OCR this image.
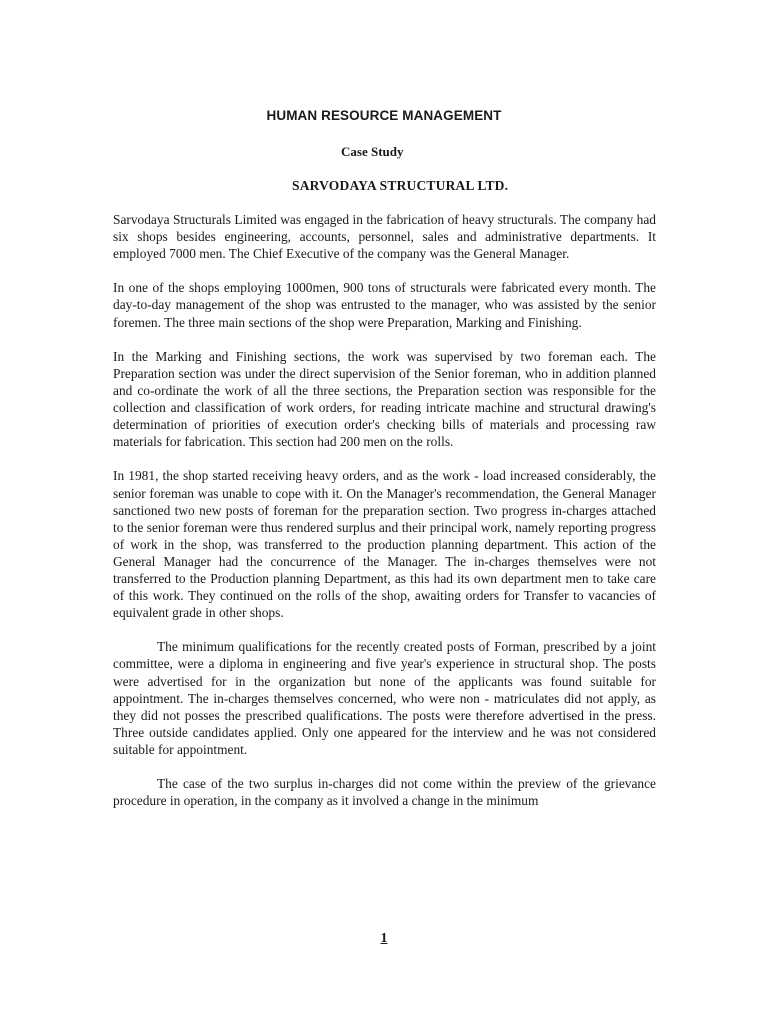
HUMAN RESOURCE MANAGEMENT
Case Study
SARVODAYA STRUCTURAL LTD.

Sarvodaya Structurals Limited was engaged in the fabrication of heavy structurals. The company had six shops besides engineering, accounts, personnel, sales and administrative departments. It employed 7000 men. The Chief Executive of the company was the General Manager.

In one of the shops employing 1000men, 900 tons of structurals were fabricated every month. The day-to-day management of the shop was entrusted to the manager, who was assisted by the senior foremen. The three main sections of the shop were Preparation, Marking and Finishing.

In the Marking and Finishing sections, the work was supervised by two foreman each. The Preparation section was under the direct supervision of the Senior foreman, who in addition planned and co-ordinate the work of all the three sections, the Preparation section was responsible for the collection and classification of work orders, for reading intricate machine and structural drawing's determination of priorities of execution order's checking bills of materials and processing raw materials for fabrication. This section had 200 men on the rolls.

In 1981, the shop started receiving heavy orders, and as the work - load increased considerably, the senior foreman was unable to cope with it. On the Manager's recommendation, the General Manager sanctioned two new posts of foreman for the preparation section. Two progress in-charges attached to the senior foreman were thus rendered surplus and their principal work, namely reporting progress of work in the shop, was transferred to the production planning department. This action of the General Manager had the concurrence of the Manager. The in-charges themselves were not transferred to the Production planning Department, as this had its own department men to take care of this work. They continued on the rolls of the shop, awaiting orders for Transfer to vacancies of equivalent grade in other shops.

The minimum qualifications for the recently created posts of Forman, prescribed by a joint committee, were a diploma in engineering and five year's experience in structural shop. The posts were advertised for in the organization but none of the applicants was found suitable for appointment. The in-charges themselves concerned, who were non - matriculates did not apply, as they did not posses the prescribed qualifications. The posts were therefore advertised in the press. Three outside candidates applied. Only one appeared for the interview and he was not considered suitable for appointment.

The case of the two surplus in-charges did not come within the preview of the grievance procedure in operation, in the company as it involved a change in the minimum

1
